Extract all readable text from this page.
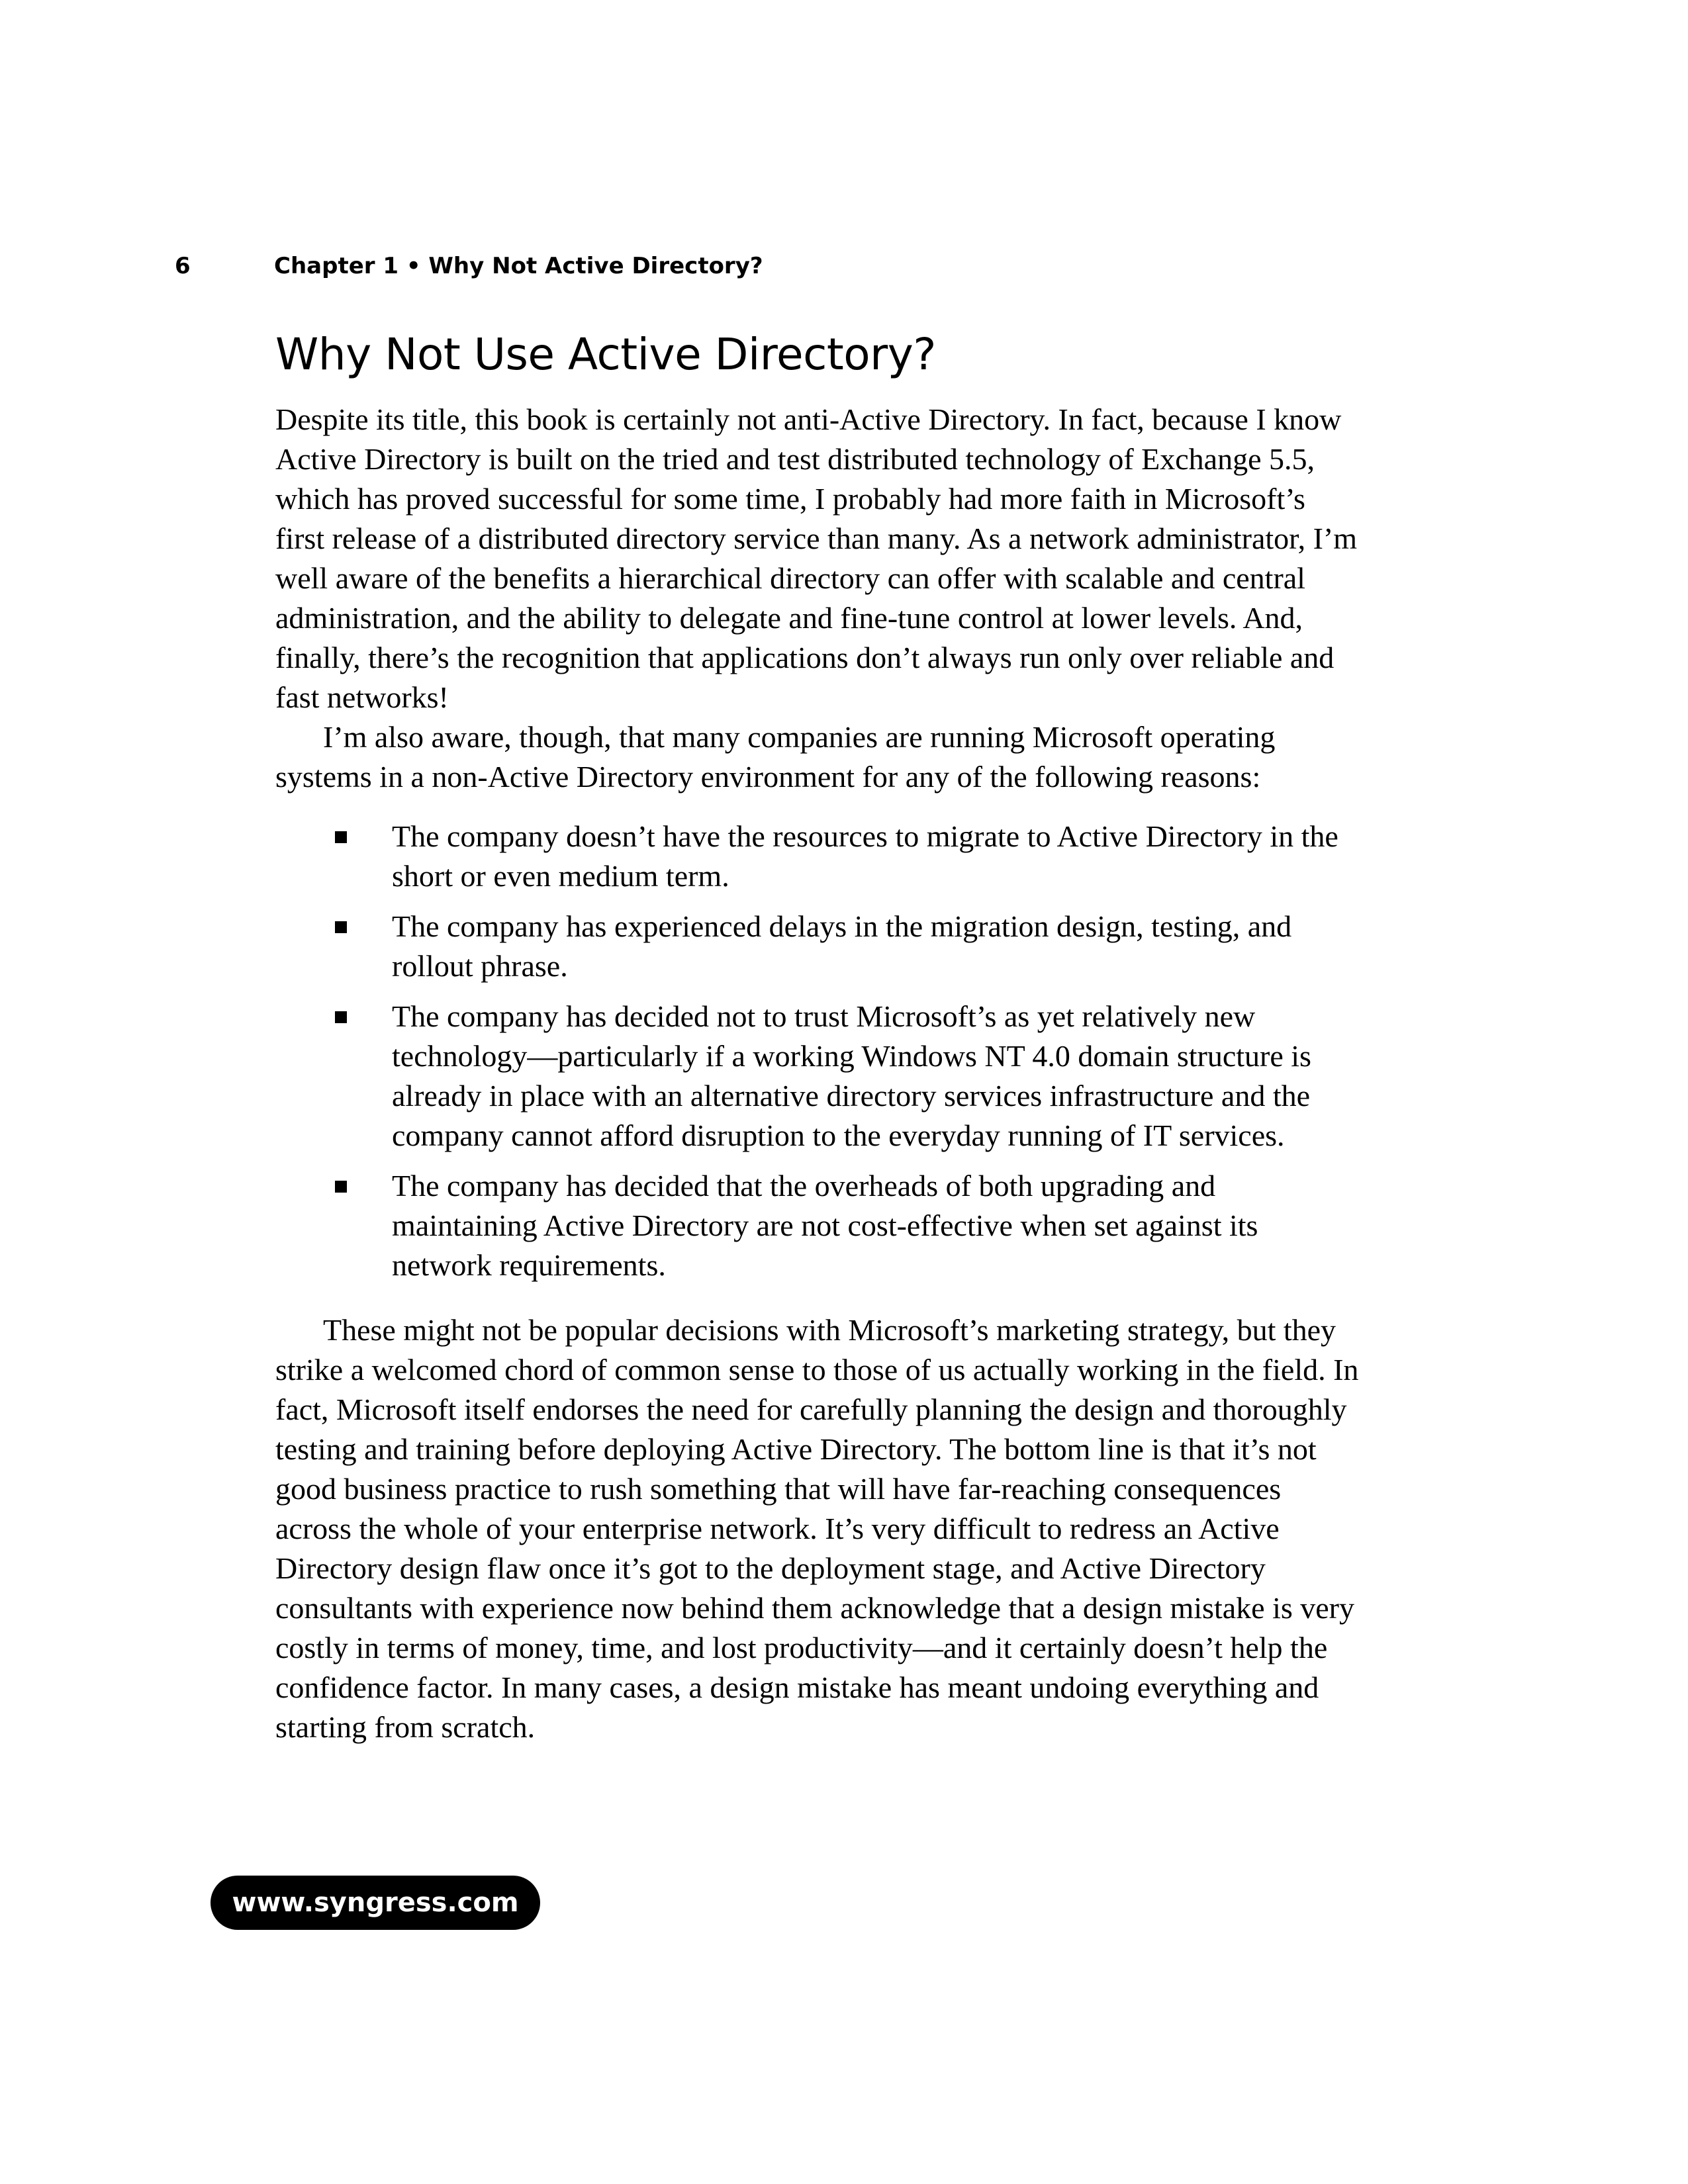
6	Chapter 1 • Why Not Active Directory?
Why Not Use Active Directory?

Despite its title, this book is certainly not anti-Active Directory. In fact, because I know Active Directory is built on the tried and test distributed technology of Exchange 5.5, which has proved successful for some time, I probably had more faith in Microsoft’s first release of a distributed directory service than many. As a network administrator, I’m well aware of the benefits a hierarchical directory can offer with scalable and central administration, and the ability to delegate and fine-tune control at lower levels. And, finally, there’s the recognition that applications don’t always run only over reliable and fast networks!

I’m also aware, though, that many companies are running Microsoft operating systems in a non-Active Directory environment for any of the following reasons:

The company doesn’t have the resources to migrate to Active Directory in the short or even medium term.
The company has experienced delays in the migration design, testing, and rollout phrase.
The company has decided not to trust Microsoft’s as yet relatively new technology—particularly if a working Windows NT 4.0 domain structure is already in place with an alternative directory services infrastructure and the company cannot afford disruption to the everyday running of IT services.
The company has decided that the overheads of both upgrading and maintaining Active Directory are not cost-effective when set against its network requirements.

These might not be popular decisions with Microsoft’s marketing strategy, but they strike a welcomed chord of common sense to those of us actually working in the field. In fact, Microsoft itself endorses the need for carefully planning the design and thoroughly testing and training before deploying Active Directory. The bottom line is that it’s not good business practice to rush something that will have far-reaching consequences across the whole of your enterprise network. It’s very difficult to redress an Active Directory design flaw once it’s got to the deployment stage, and Active Directory consultants with experience now behind them acknowledge that a design mistake is very costly in terms of money, time, and lost productivity—and it certainly doesn’t help the confidence factor. In many cases, a design mistake has meant undoing everything and starting from scratch.

www.syngress.com
